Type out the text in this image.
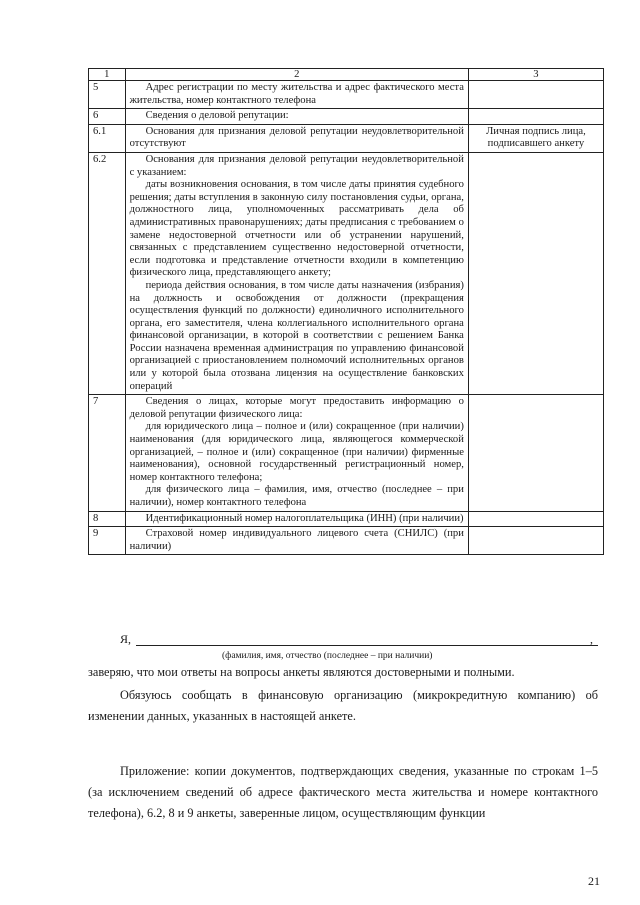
1	2	3
5	Адрес регистрации по месту жительства и адрес фактического места жительства, номер контактного телефона	
6	Сведения о деловой репутации:	
6.1	Основания для признания деловой репутации неудовлетворительной отсутствуют	Личная подпись лица, подписавшего анкету
6.2	Основания для признания деловой репутации неудовлетворительной с указанием:
даты возникновения основания, в том числе даты принятия судебного решения; даты вступления в законную силу постановления судьи, органа, должностного лица, уполномоченных рассматривать дела об административных правонарушениях; даты предписания с требованием о замене недостоверной отчетности или об устранении нарушений, связанных с представлением существенно недостоверной отчетности, если подготовка и представление отчетности входили в компетенцию физического лица, представляющего анкету;
периода действия основания, в том числе даты назначения (избрания) на должность и освобождения от должности (прекращения осуществления функций по должности) единоличного исполнительного органа, его заместителя, члена коллегиального исполнительного органа финансовой организации, в которой в соответствии с решением Банка России назначена временная администрация по управлению финансовой организацией с приостановлением полномочий исполнительных органов или у которой была отозвана лицензия на осуществление банковских операций	

7	Сведения о лицах, которые могут предоставить информацию о деловой репутации физического лица:
для юридического лица – полное и (или) сокращенное (при наличии) наименования (для юридического лица, являющегося коммерческой организацией, – полное и (или) сокращенное (при наличии) фирменные наименования), основной государственный регистрационный номер, номер контактного телефона;
для физического лица – фамилия, имя, отчество (последнее – при наличии), номер контактного телефона	

8	Идентификационный номер налогоплательщика (ИНН) (при наличии)	
9	Страховой номер индивидуального лицевого счета (СНИЛС) (при наличии)	
Я,	,
(фамилия, имя, отчество (последнее – при наличии)
заверяю, что мои ответы на вопросы анкеты являются достоверными и полными.
Обязуюсь сообщать в финансовую организацию (микрокредитную компанию) об изменении данных, указанных в настоящей анкете.
Приложение: копии документов, подтверждающих сведения, указанные по строкам 1–5 (за исключением сведений об адресе фактического места жительства и номере контактного телефона), 6.2, 8 и 9 анкеты, заверенные лицом, осуществляющим функции
21
